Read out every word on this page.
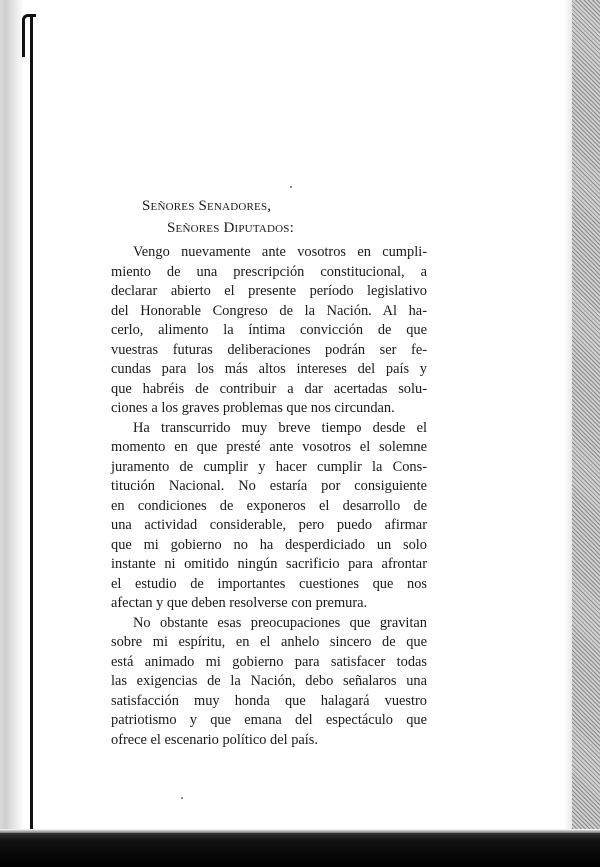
Señores Senadores,
Señores Diputados:
Vengo nuevamente ante vosotros en cumpli-
miento de una prescripción constitucional, a
declarar abierto el presente período legislativo
del Honorable Congreso de la Nación. Al ha-
cerlo, alimento la íntima convicción de que
vuestras futuras deliberaciones podrán ser fe-
cundas para los más altos intereses del país y
que habréis de contribuir a dar acertadas solu-
ciones a los graves problemas que nos circundan.
Ha transcurrido muy breve tiempo desde el
momento en que presté ante vosotros el solemne
juramento de cumplir y hacer cumplir la Cons-
titución Nacional. No estaría por consiguiente
en condiciones de exponeros el desarrollo de
una actividad considerable, pero puedo afirmar
que mi gobierno no ha desperdiciado un solo
instante ni omitido ningún sacrificio para afrontar
el estudio de importantes cuestiones que nos
afectan y que deben resolverse con premura.
No obstante esas preocupaciones que gravitan
sobre mi espíritu, en el anhelo sincero de que
está animado mi gobierno para satisfacer todas
las exigencias de la Nación, debo señalaros una
satisfacción muy honda que halagará vuestro
patriotismo y que emana del espectáculo que
ofrece el escenario político del país.
